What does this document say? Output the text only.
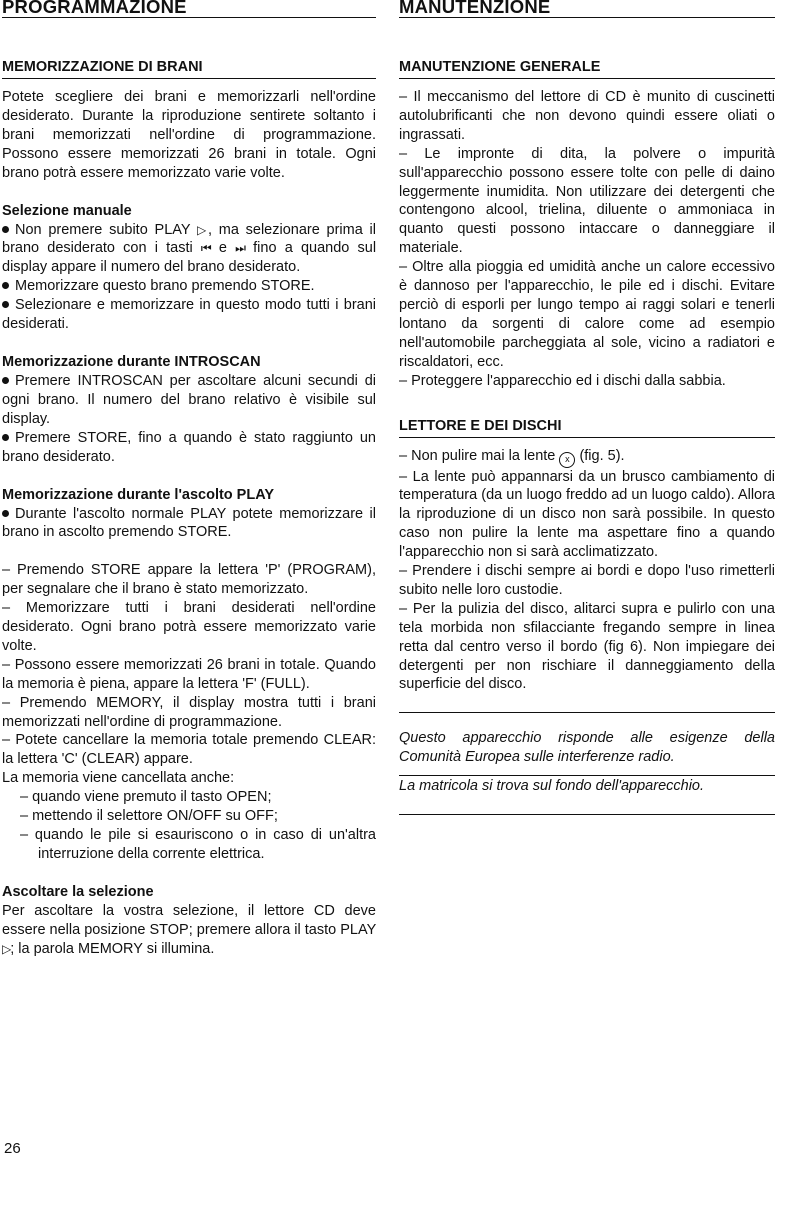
PROGRAMMAZIONE
MEMORIZZAZIONE DI BRANI

Potete scegliere dei brani e memorizzarli nell'ordine desiderato. Durante la riproduzione sentirete soltanto i brani memorizzati nell'ordine di programmazione. Possono essere memorizzati 26 brani in totale. Ogni brano potrà essere memorizzato varie volte.

Selezione manuale

Non premere subito PLAY ▷, ma selezionare prima il brano desiderato con i tasti ⏮ e ⏭ fino a quando sul display appare il numero del brano desiderato.

Memorizzare questo brano premendo STORE.

Selezionare e memorizzare in questo modo tutti i brani desiderati.

Memorizzazione durante INTROSCAN

Premere INTROSCAN per ascoltare alcuni secundi di ogni brano. Il numero del brano relativo è visibile sul display.

Premere STORE, fino a quando è stato raggiunto un brano desiderato.

Memorizzazione durante l'ascolto PLAY

Durante l'ascolto normale PLAY potete memorizzare il brano in ascolto premendo STORE.

– Premendo STORE appare la lettera 'P' (PROGRAM), per segnalare che il brano è stato memorizzato.

– Memorizzare tutti i brani desiderati nell'ordine desiderato. Ogni brano potrà essere memorizzato varie volte.

– Possono essere memorizzati 26 brani in totale. Quando la memoria è piena, appare la lettera 'F' (FULL).

– Premendo MEMORY, il display mostra tutti i brani memorizzati nell'ordine di programmazione.

– Potete cancellare la memoria totale premendo CLEAR: la lettera 'C' (CLEAR) appare.

La memoria viene cancellata anche:

– quando viene premuto il tasto OPEN;

– mettendo il selettore ON/OFF su OFF;

– quando le pile si esauriscono o in caso di un'altra interruzione della corrente elettrica.

Ascoltare la selezione

Per ascoltare la vostra selezione, il lettore CD deve essere nella posizione STOP; premere allora il tasto PLAY ▷; la parola MEMORY si illumina.

MANUTENZIONE
MANUTENZIONE GENERALE

– Il meccanismo del lettore di CD è munito di cuscinetti autolubrificanti che non devono quindi essere oliati o ingrassati.

– Le impronte di dita, la polvere o impurità sull'apparecchio possono essere tolte con pelle di daino leggermente inumidita. Non utilizzare dei detergenti che contengono alcool, trielina, diluente o ammoniaca in quanto questi possono intaccare o danneggiare il materiale.

– Oltre alla pioggia ed umidità anche un calore eccessivo è dannoso per l'apparecchio, le pile ed i dischi. Evitare perciò di esporli per lungo tempo ai raggi solari e tenerli lontano da sorgenti di calore come ad esempio nell'automobile parcheggiata al sole, vicino a radiatori e riscaldatori, ecc.

– Proteggere l'apparecchio ed i dischi dalla sabbia.

LETTORE E DEI DISCHI

– Non pulire mai la lente x (fig. 5).

– La lente può appannarsi da un brusco cambiamento di temperatura (da un luogo freddo ad un luogo caldo). Allora la riproduzione di un disco non sarà possibile. In questo caso non pulire la lente ma aspettare fino a quando l'apparecchio non si sarà acclimatizzato.

– Prendere i dischi sempre ai bordi e dopo l'uso rimetterli subito nelle loro custodie.

– Per la pulizia del disco, alitarci supra e pulirlo con una tela morbida non sfilacciante fregando sempre in linea retta dal centro verso il bordo (fig 6). Non impiegare dei detergenti per non rischiare il danneggiamento della superficie del disco.

Questo apparecchio risponde alle esigenze della Comunità Europea sulle interferenze radio.
La matricola si trova sul fondo dell'apparecchio.
26
